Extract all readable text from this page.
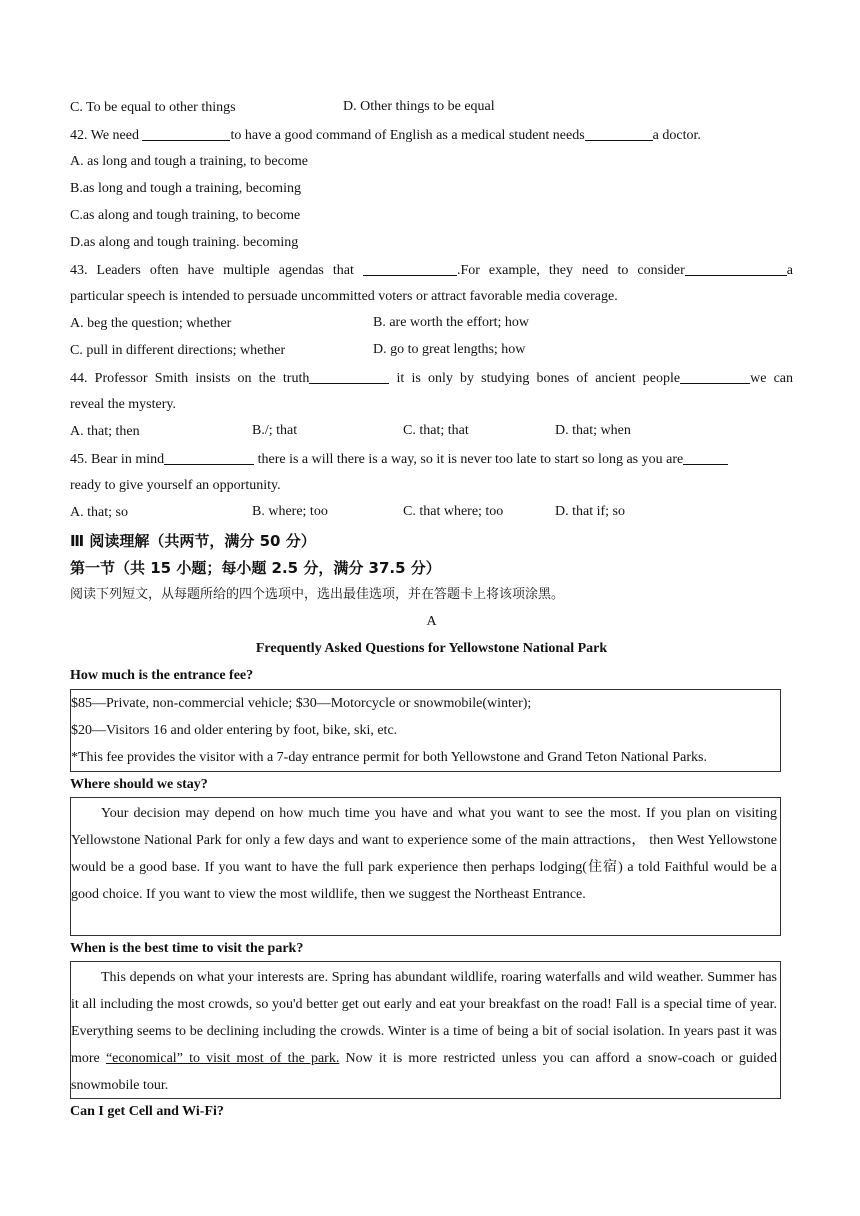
C. To be equal to other things	D. Other things to be equal
42. We need	to have a good command of English as a medical student needs	a doctor.
A. as long and tough a training, to become
B.as long and tough a training, becoming
C.as along and tough training, to become
D.as along and tough training. becoming
43. Leaders often have multiple agendas that	.For example, they need to consider	a
particular speech is intended to persuade uncommitted voters or attract favorable media coverage.
A. beg the question; whether	B. are worth the effort; how
C. pull in different directions; whether	D. go to great lengths; how
44. Professor Smith insists on the truth	it is only by studying bones of ancient people	we can
reveal the mystery.
A. that; then	B./; that	C. that; that	D. that; when
45. Bear in mind	there is a will there is a way, so it is never too late to start so long as you are
ready to give yourself an opportunity.
A. that; so	B. where; too	C. that where; too	D. that if; so
Ⅲ 阅读理解（共两节，满分 50 分）
第一节（共 15 小题；每小题 2.5 分，满分 37.5 分）
阅读下列短文，从每题所给的四个选项中，选出最佳选项，并在答题卡上将该项涂黑。
A
Frequently Asked Questions for Yellowstone National Park
How much is the entrance fee?
$85—Private, non-commercial vehicle; $30—Motorcycle or snowmobile(winter);
$20—Visitors 16 and older entering by foot, bike, ski, etc.
*This fee provides the visitor with a 7-day entrance permit for both Yellowstone and Grand Teton National Parks.
Where should we stay?
Your decision may depend on how much time you have and what you want to see the most. If you plan on visiting Yellowstone National Park for only a few days and want to experience some of the main attractions， then West Yellowstone would be a good base. If you want to have the full park experience then perhaps lodging(住宿) a told Faithful would be a good choice. If you want to view the most wildlife, then we suggest the Northeast Entrance.
When is the best time to visit the park?
This depends on what your interests are. Spring has abundant wildlife, roaring waterfalls and wild weather. Summer has it all including the most crowds, so you'd better get out early and eat your breakfast on the road! Fall is a special time of year. Everything seems to be declining including the crowds. Winter is a time of being a bit of social isolation. In years past it was more “economical” to visit most of the park. Now it is more restricted unless you can afford a snow-coach or guided snowmobile tour.
Can I get Cell and Wi-Fi?
